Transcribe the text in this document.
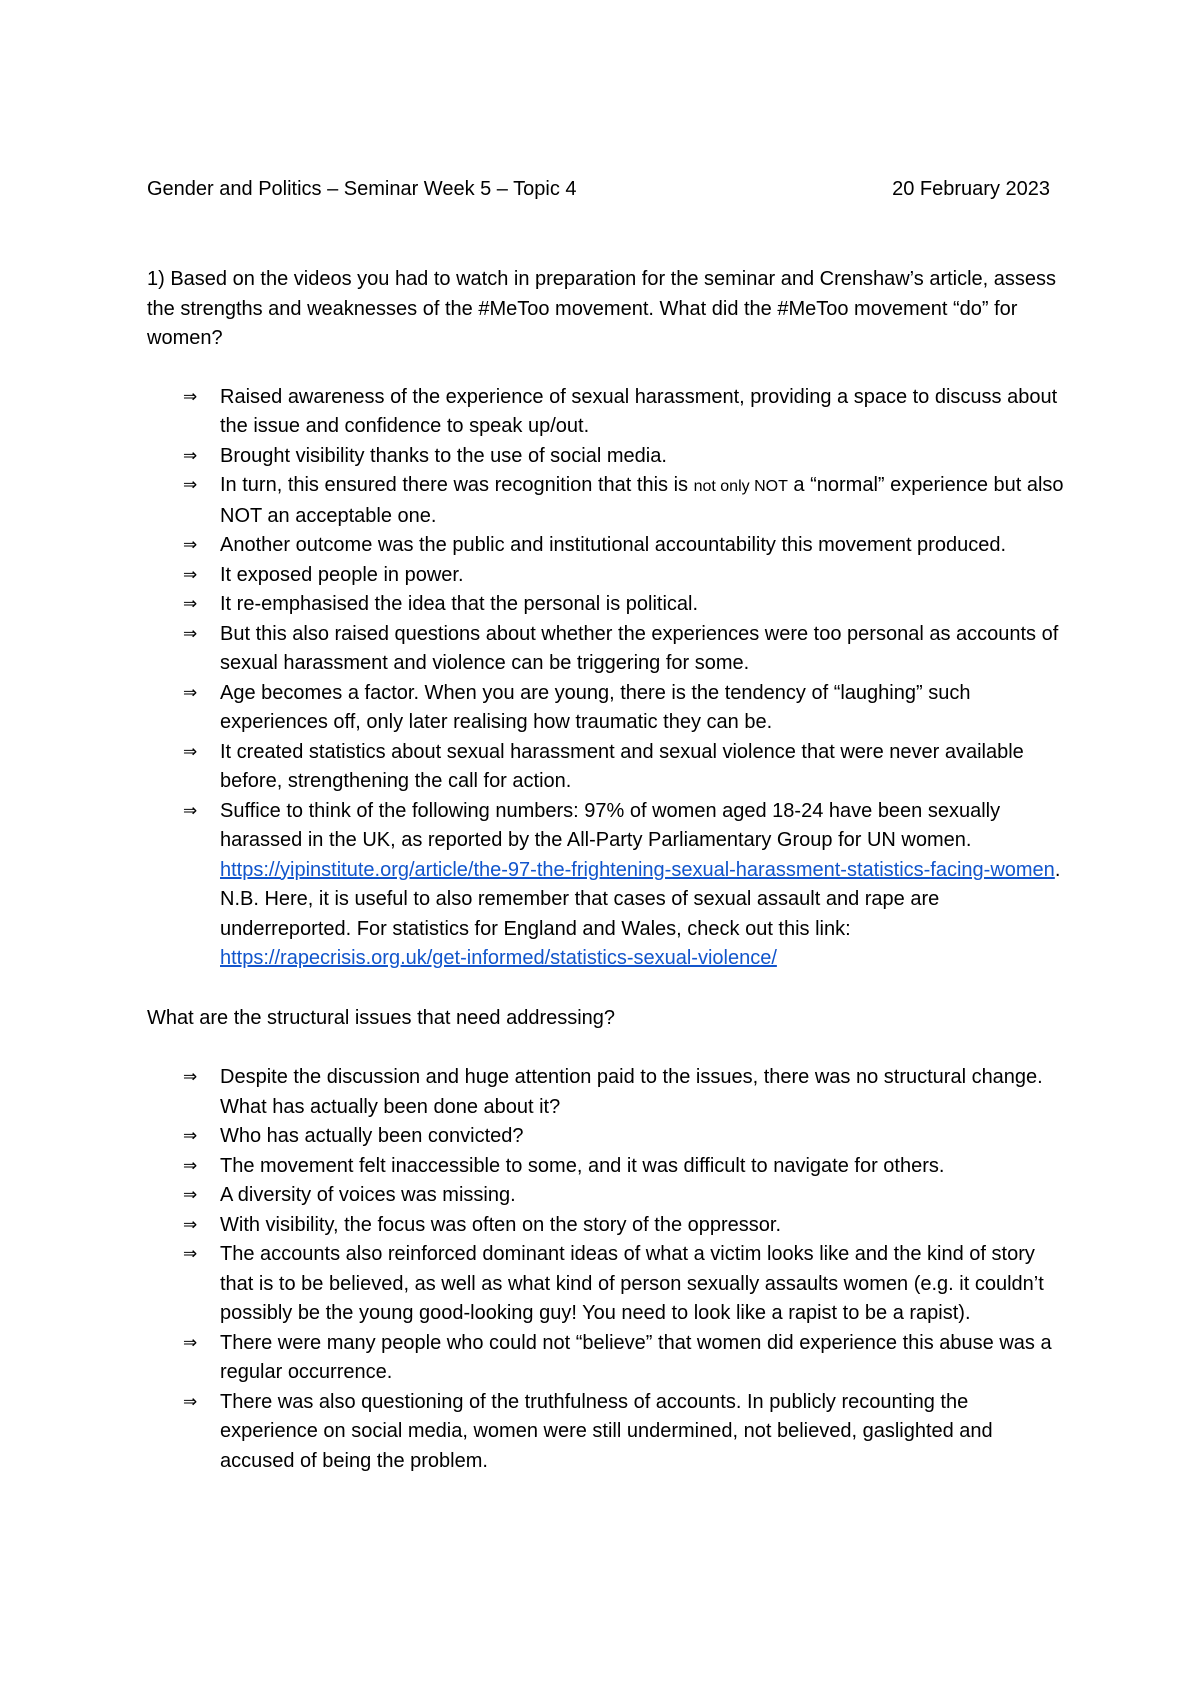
Gender and Politics – Seminar Week 5 – Topic 4	20 February 2023

1) Based on the videos you had to watch in preparation for the seminar and Crenshaw’s article, assess the strengths and weaknesses of the #MeToo movement. What did the #MeToo movement “do” for women?

⇒ Raised awareness of the experience of sexual harassment, providing a space to discuss about the issue and confidence to speak up/out.
⇒ Brought visibility thanks to the use of social media.
⇒ In turn, this ensured there was recognition that this is not only NOT a “normal” experience but also NOT an acceptable one.
⇒ Another outcome was the public and institutional accountability this movement produced.
⇒ It exposed people in power.
⇒ It re-emphasised the idea that the personal is political.
⇒ But this also raised questions about whether the experiences were too personal as accounts of sexual harassment and violence can be triggering for some.
⇒ Age becomes a factor. When you are young, there is the tendency of “laughing” such experiences off, only later realising how traumatic they can be.
⇒ It created statistics about sexual harassment and sexual violence that were never available before, strengthening the call for action.
⇒ Suffice to think of the following numbers: 97% of women aged 18-24 have been sexually harassed in the UK, as reported by the All-Party Parliamentary Group for UN women. https://yipinstitute.org/article/the-97-the-frightening-sexual-harassment-statistics-facing-women. N.B. Here, it is useful to also remember that cases of sexual assault and rape are underreported. For statistics for England and Wales, check out this link: https://rapecrisis.org.uk/get-informed/statistics-sexual-violence/

What are the structural issues that need addressing?

⇒ Despite the discussion and huge attention paid to the issues, there was no structural change. What has actually been done about it?
⇒ Who has actually been convicted?
⇒ The movement felt inaccessible to some, and it was difficult to navigate for others.
⇒ A diversity of voices was missing.
⇒ With visibility, the focus was often on the story of the oppressor.
⇒ The accounts also reinforced dominant ideas of what a victim looks like and the kind of story that is to be believed, as well as what kind of person sexually assaults women (e.g. it couldn’t possibly be the young good-looking guy! You need to look like a rapist to be a rapist).
⇒ There were many people who could not “believe” that women did experience this abuse was a regular occurrence.
⇒ There was also questioning of the truthfulness of accounts. In publicly recounting the experience on social media, women were still undermined, not believed, gaslighted and accused of being the problem.
